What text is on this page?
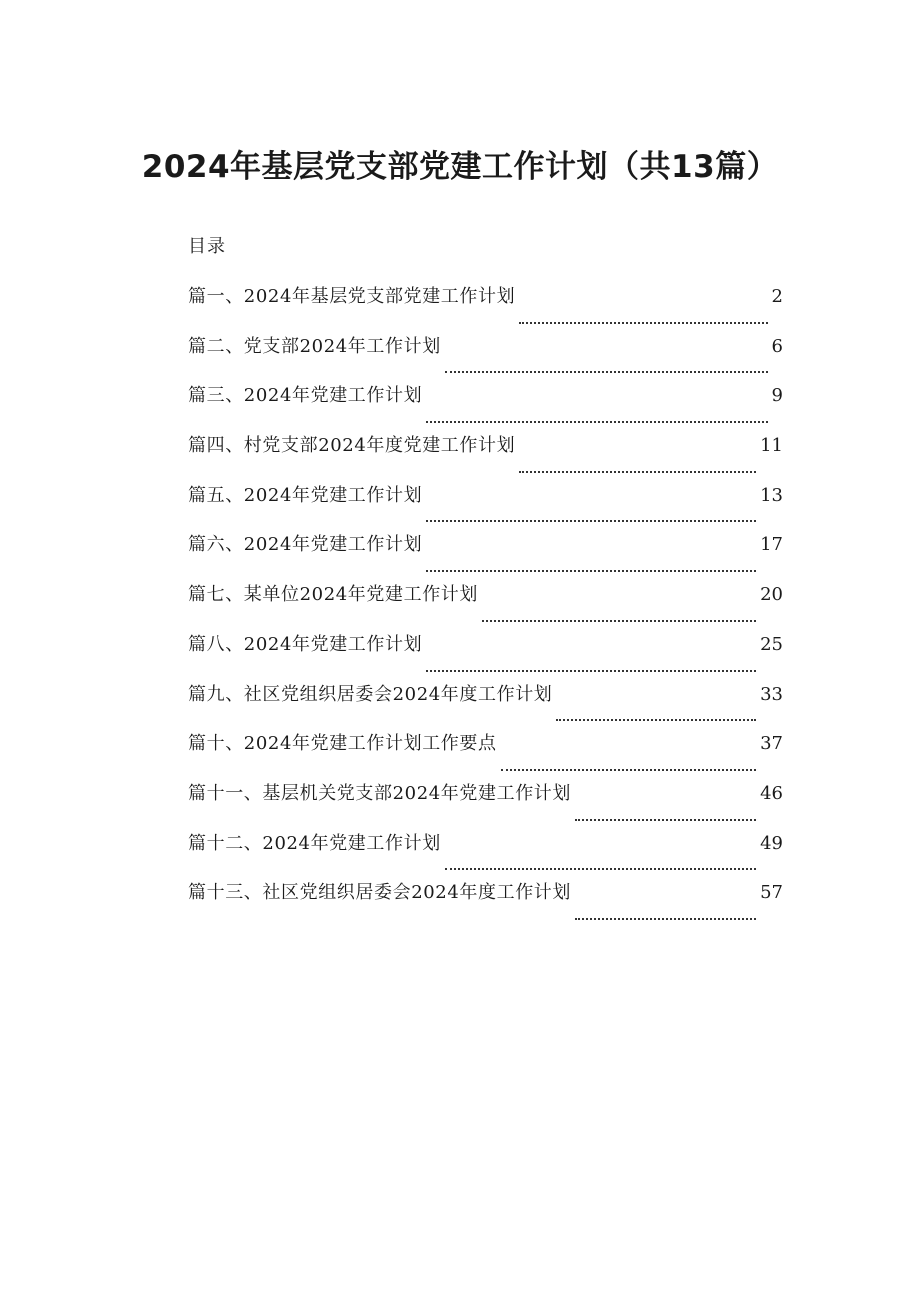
2024年基层党支部党建工作计划（共13篇）
目录
篇一、2024年基层党支部党建工作计划	2
篇二、党支部2024年工作计划	6
篇三、2024年党建工作计划	9
篇四、村党支部2024年度党建工作计划	11
篇五、2024年党建工作计划	13
篇六、2024年党建工作计划	17
篇七、某单位2024年党建工作计划	20
篇八、2024年党建工作计划	25
篇九、社区党组织居委会2024年度工作计划	33
篇十、2024年党建工作计划工作要点	37
篇十一、基层机关党支部2024年党建工作计划	46
篇十二、2024年党建工作计划	49
篇十三、社区党组织居委会2024年度工作计划	57
